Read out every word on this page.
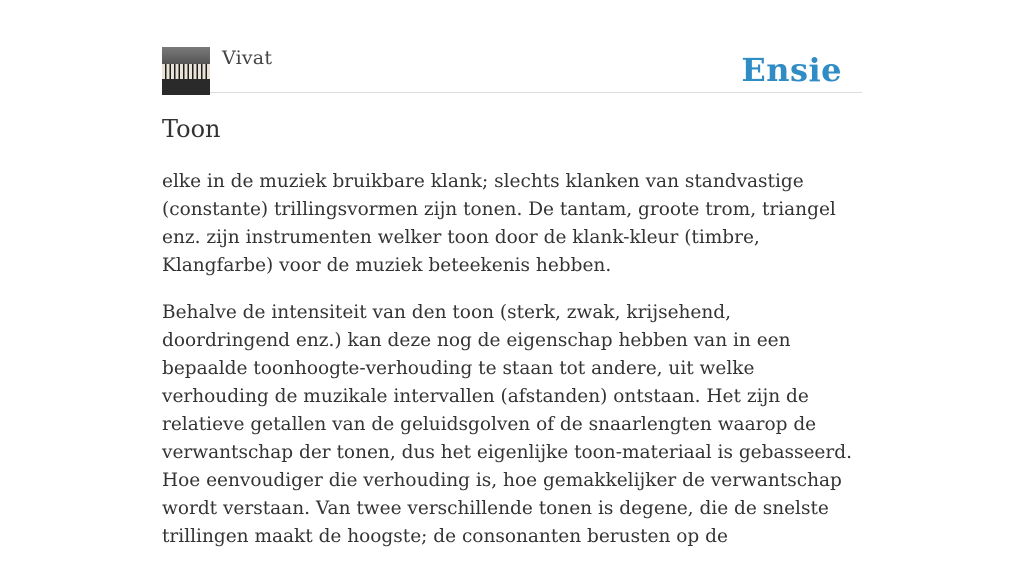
Vivat	Ensie
Toon

elke in de muziek bruikbare klank; slechts klanken van standvastige (constante) trillingsvormen zijn tonen. De tantam, groote trom, triangel enz. zijn instrumenten welker toon door de klank-kleur (timbre, Klangfarbe) voor de muziek beteekenis hebben.

Behalve de intensiteit van den toon (sterk, zwak, krijsehend, doordringend enz.) kan deze nog de eigenschap hebben van in een bepaalde toonhoogte-verhouding te staan tot andere, uit welke verhouding de muzikale intervallen (afstanden) ontstaan. Het zijn de relatieve getallen van de geluidsgolven of de snaarlengten waarop de verwantschap der tonen, dus het eigenlijke toon-materiaal is gebasseerd. Hoe eenvoudiger die verhouding is, hoe gemakkelijker de verwantschap wordt verstaan. Van twee verschillende tonen is degene, die de snelste trillingen maakt de hoogste; de consonanten berusten op de
